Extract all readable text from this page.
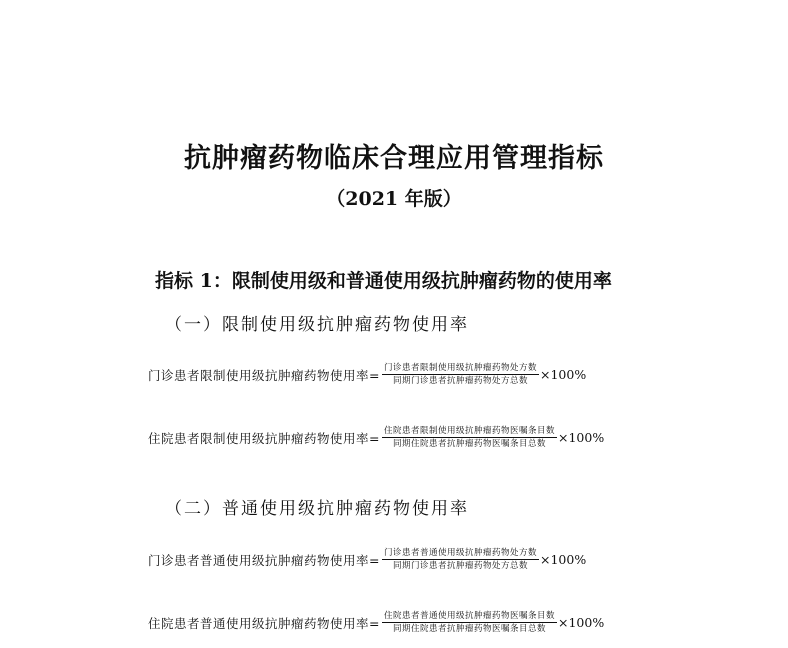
抗肿瘤药物临床合理应用管理指标
（2021 年版）
指标 1：限制使用级和普通使用级抗肿瘤药物的使用率
（一）限制使用级抗肿瘤药物使用率
门诊患者限制使用级抗肿瘤药物使用率= $\frac{\text{门诊患者限制使用级抗肿瘤药物处方数}}{\text{同期门诊患者抗肿瘤药物处方总数}} \times 100\%$
住院患者限制使用级抗肿瘤药物使用率= $\frac{\text{住院患者限制使用级抗肿瘤药物医嘱条目数}}{\text{同期住院患者抗肿瘤药物医嘱条目总数}} \times 100\%$
（二）普通使用级抗肿瘤药物使用率
门诊患者普通使用级抗肿瘤药物使用率= $\frac{\text{门诊患者普通使用级抗肿瘤药物处方数}}{\text{同期门诊患者抗肿瘤药物处方总数}} \times 100\%$
住院患者普通使用级抗肿瘤药物使用率= $\frac{\text{住院患者普通使用级抗肿瘤药物医嘱条目数}}{\text{同期住院患者抗肿瘤药物医嘱条目总数}} \times 100\%$
